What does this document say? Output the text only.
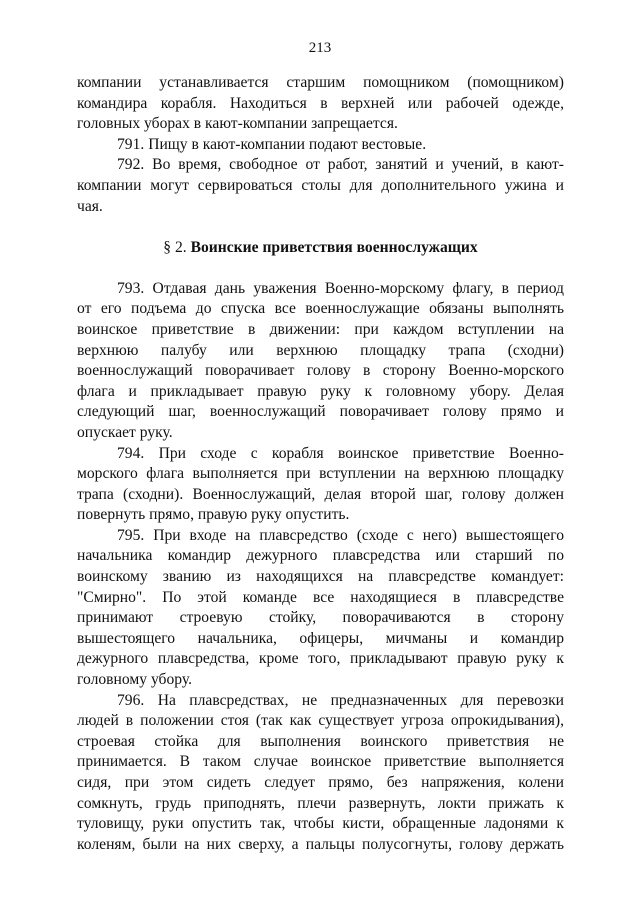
213
компании устанавливается старшим помощником (помощником)
командира корабля. Находиться в верхней или рабочей одежде,
головных уборах в кают-компании запрещается.
791. Пищу в кают-компании подают вестовые.
792. Во время, свободное от работ, занятий и учений, в кают-
компании могут сервироваться столы для дополнительного ужина и
чая.
§ 2. Воинские приветствия военнослужащих
793. Отдавая дань уважения Военно-морскому флагу, в период
от его подъема до спуска все военнослужащие обязаны выполнять
воинское приветствие в движении: при каждом вступлении на
верхнюю палубу или верхнюю площадку трапа (сходни)
военнослужащий поворачивает голову в сторону Военно-морского
флага и прикладывает правую руку к головному убору. Делая
следующий шаг, военнослужащий поворачивает голову прямо и
опускает руку.
794. При сходе с корабля воинское приветствие Военно-
морского флага выполняется при вступлении на верхнюю площадку
трапа (сходни). Военнослужащий, делая второй шаг, голову должен
повернуть прямо, правую руку опустить.
795. При входе на плавсредство (сходе с него) вышестоящего
начальника командир дежурного плавсредства или старший по
воинскому званию из находящихся на плавсредстве командует:
"Смирно". По этой команде все находящиеся в плавсредстве
принимают строевую стойку, поворачиваются в сторону
вышестоящего начальника, офицеры, мичманы и командир
дежурного плавсредства, кроме того, прикладывают правую руку к
головному убору.
796. На плавсредствах, не предназначенных для перевозки
людей в положении стоя (так как существует угроза опрокидывания),
строевая стойка для выполнения воинского приветствия не
принимается. В таком случае воинское приветствие выполняется
сидя, при этом сидеть следует прямо, без напряжения, колени
сомкнуть, грудь приподнять, плечи развернуть, локти прижать к
туловищу, руки опустить так, чтобы кисти, обращенные ладонями к
коленям, были на них сверху, а пальцы полусогнуты, голову держать
